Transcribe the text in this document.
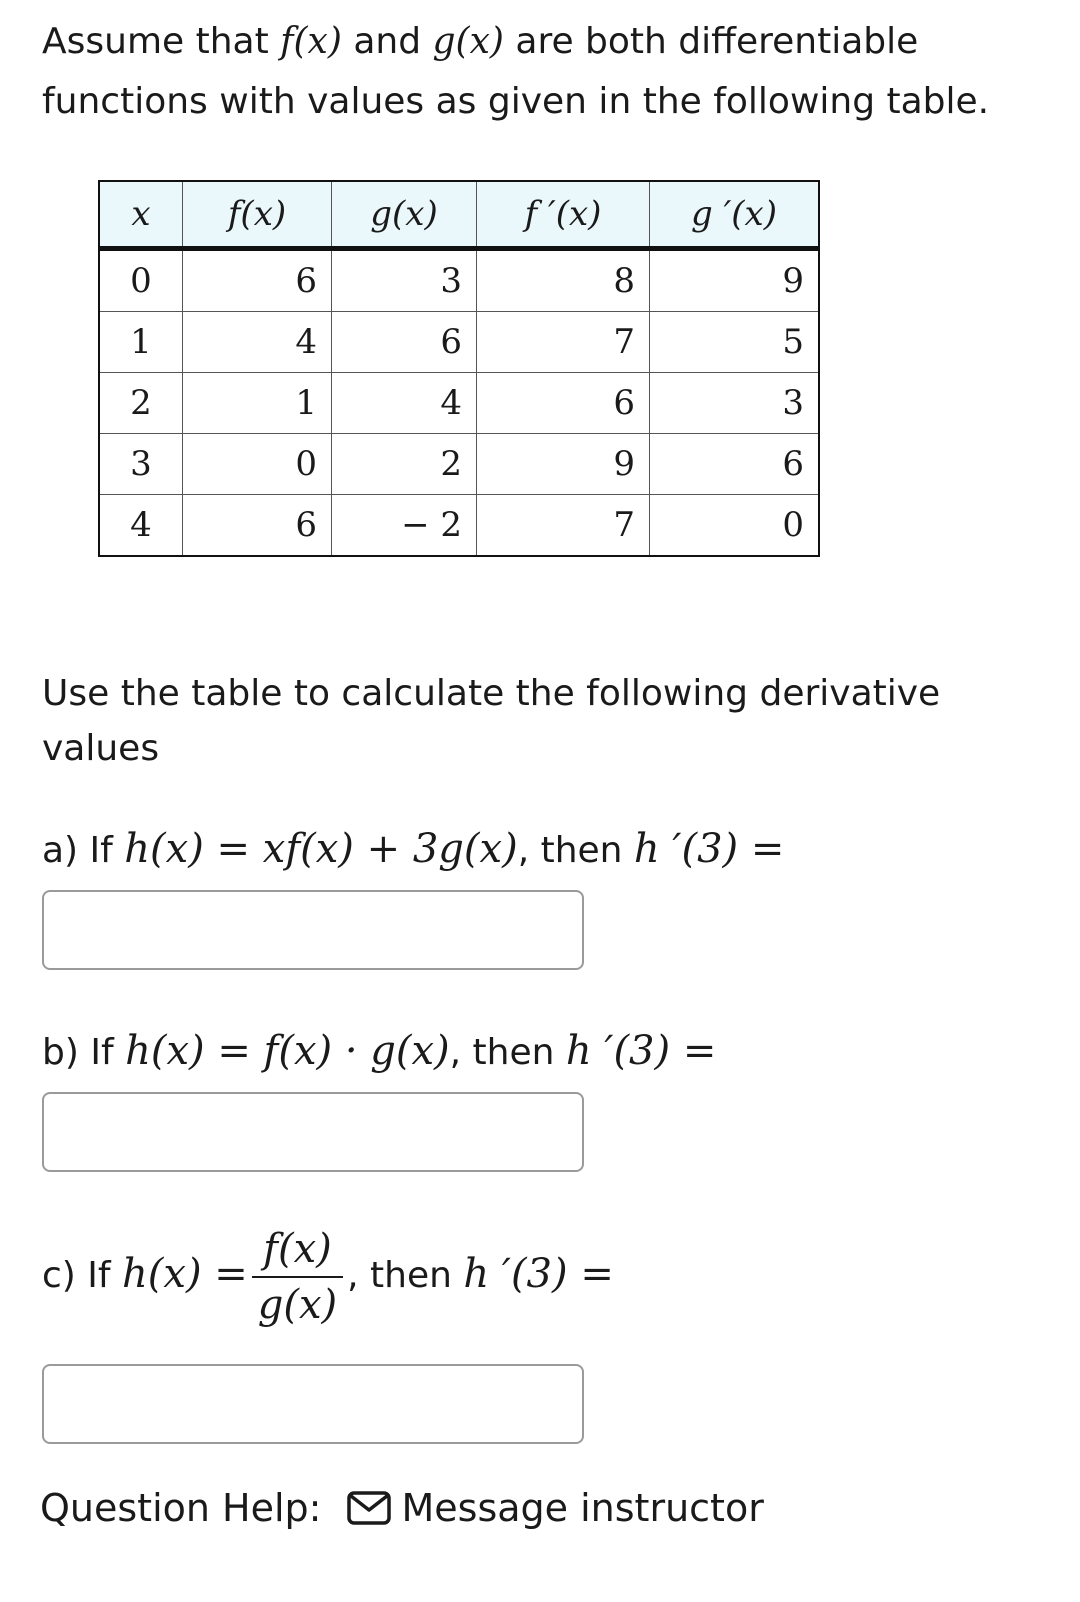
Assume that f(x) and g(x) are both differentiable functions with values as given in the following table.

x	f(x)	g(x)	f ′(x)	g ′(x)
0	6	3	8	9
1	4	6	7	5
2	1	4	6	3
3	0	2	9	6
4	6	− 2	7	0

Use the table to calculate the following derivative values

a) If h(x) = xf(x) + 3g(x), then h ′(3) =
b) If h(x) = f(x) · g(x), then h ′(3) =
c) If $h(x) = \frac{f(x)}{g(x)}$ , then h ′(3) =
Question Help: Message instructor
